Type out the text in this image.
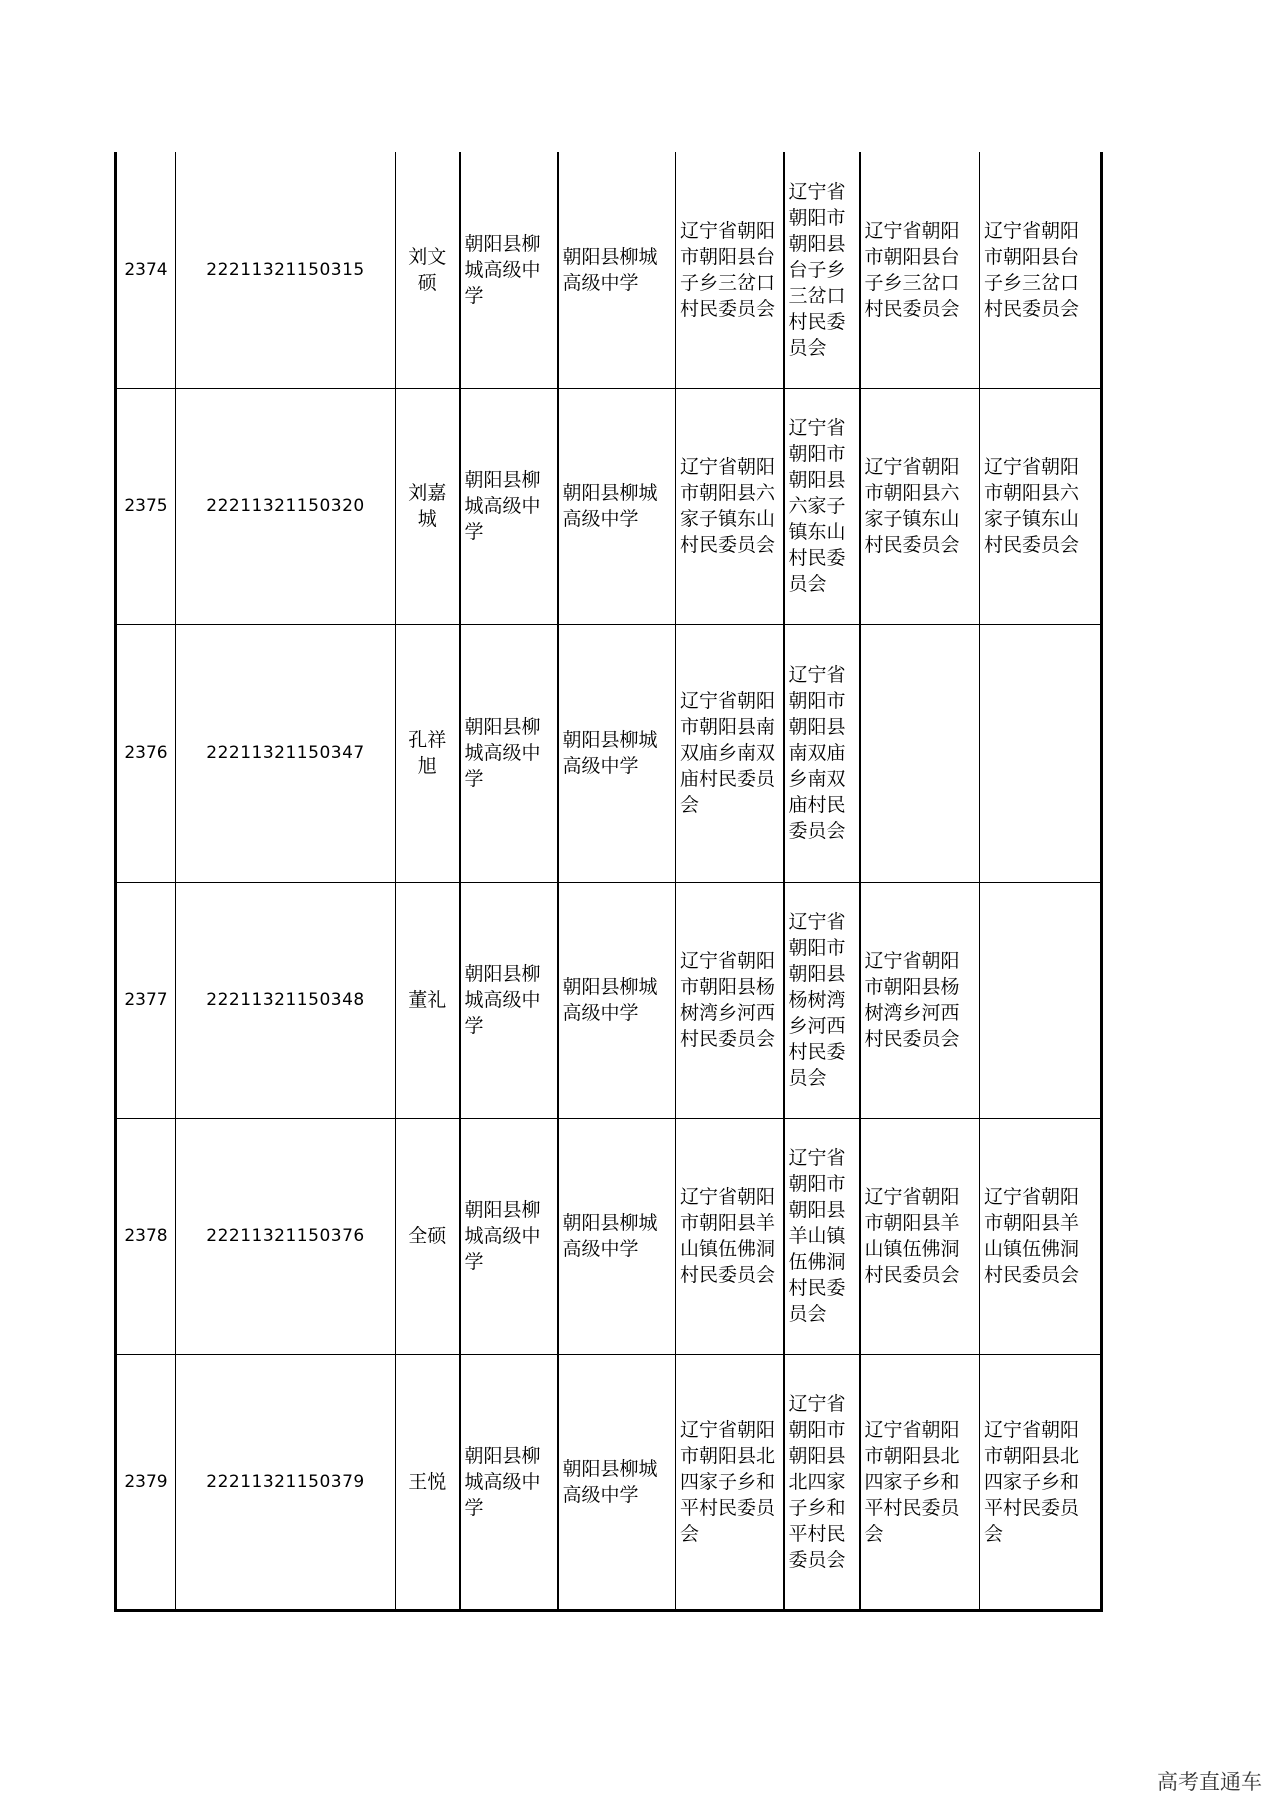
2374	22211321150315	刘文硕	朝阳县柳城高级中学	朝阳县柳城高级中学	辽宁省朝阳市朝阳县台子乡三岔口村民委员会	辽宁省朝阳市朝阳县台子乡三岔口村民委员会	辽宁省朝阳市朝阳县台子乡三岔口村民委员会	辽宁省朝阳市朝阳县台子乡三岔口村民委员会
2375	22211321150320	刘嘉城	朝阳县柳城高级中学	朝阳县柳城高级中学	辽宁省朝阳市朝阳县六家子镇东山村民委员会	辽宁省朝阳市朝阳县六家子镇东山村民委员会	辽宁省朝阳市朝阳县六家子镇东山村民委员会	辽宁省朝阳市朝阳县六家子镇东山村民委员会
2376	22211321150347	孔祥旭	朝阳县柳城高级中学	朝阳县柳城高级中学	辽宁省朝阳市朝阳县南双庙乡南双庙村民委员会	辽宁省朝阳市朝阳县南双庙乡南双庙村民委员会		
2377	22211321150348	董礼	朝阳县柳城高级中学	朝阳县柳城高级中学	辽宁省朝阳市朝阳县杨树湾乡河西村民委员会	辽宁省朝阳市朝阳县杨树湾乡河西村民委员会	辽宁省朝阳市朝阳县杨树湾乡河西村民委员会	
2378	22211321150376	全硕	朝阳县柳城高级中学	朝阳县柳城高级中学	辽宁省朝阳市朝阳县羊山镇伍佛洞村民委员会	辽宁省朝阳市朝阳县羊山镇伍佛洞村民委员会	辽宁省朝阳市朝阳县羊山镇伍佛洞村民委员会	辽宁省朝阳市朝阳县羊山镇伍佛洞村民委员会
2379	22211321150379	王悦	朝阳县柳城高级中学	朝阳县柳城高级中学	辽宁省朝阳市朝阳县北四家子乡和平村民委员会	辽宁省朝阳市朝阳县北四家子乡和平村民委员会	辽宁省朝阳市朝阳县北四家子乡和平村民委员会	辽宁省朝阳市朝阳县北四家子乡和平村民委员会
高考直通车
